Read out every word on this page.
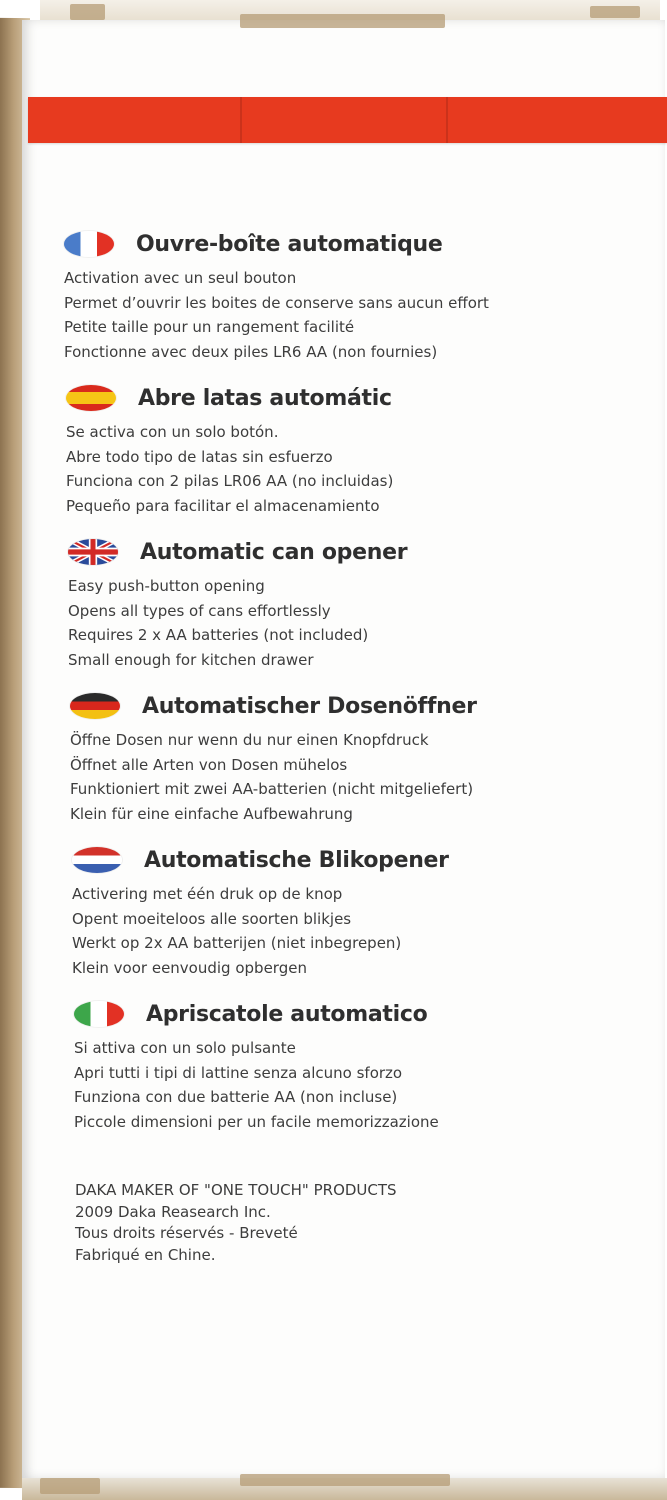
Ouvre-boîte automatique
Activation avec un seul bouton
Permet d’ouvrir les boites de conserve sans aucun effort
Petite taille pour un rangement facilité
Fonctionne avec deux piles LR6 AA (non fournies)
Abre latas automátic
Se activa con un solo botón.
Abre todo tipo de latas sin esfuerzo
Funciona con 2 pilas LR06 AA (no incluidas)
Pequeño para facilitar el almacenamiento
Automatic can opener
Easy push-button opening
Opens all types of cans effortlessly
Requires 2 x AA batteries (not included)
Small enough for kitchen drawer
Automatischer Dosenöffner
Öffne Dosen nur wenn du nur einen Knopfdruck
Öffnet alle Arten von Dosen mühelos
Funktioniert mit zwei AA-batterien (nicht mitgeliefert)
Klein für eine einfache Aufbewahrung
Automatische Blikopener
Activering met één druk op de knop
Opent moeiteloos alle soorten blikjes
Werkt op 2x AA batterijen (niet inbegrepen)
Klein voor eenvoudig opbergen
Apriscatole automatico
Si attiva con un solo pulsante
Apri tutti i tipi di lattine senza alcuno sforzo
Funziona con due batterie AA (non incluse)
Piccole dimensioni per un facile memorizzazione
DAKA MAKER OF "ONE TOUCH" PRODUCTS
2009 Daka Reasearch Inc.
Tous droits réservés - Breveté
Fabriqué en Chine.
